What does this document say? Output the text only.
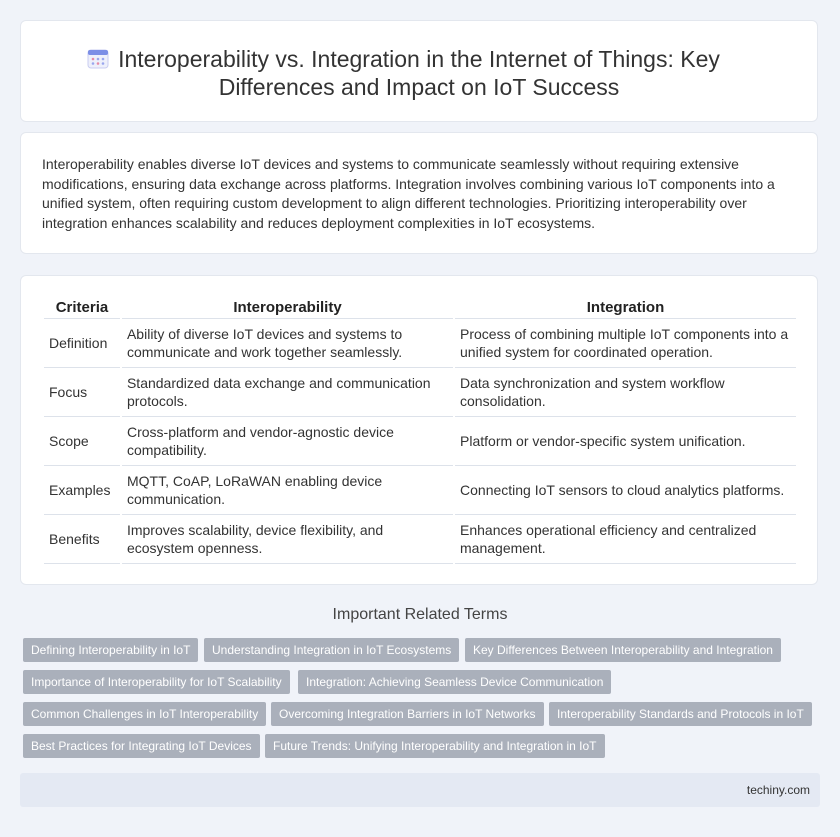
Interoperability vs. Integration in the Internet of Things: Key Differences and Impact on IoT Success

Interoperability enables diverse IoT devices and systems to communicate seamlessly without requiring extensive modifications, ensuring data exchange across platforms. Integration involves combining various IoT components into a unified system, often requiring custom development to align different technologies. Prioritizing interoperability over integration enhances scalability and reduces deployment complexities in IoT ecosystems.

Criteria	Interoperability	Integration
Definition	Ability of diverse IoT devices and systems to communicate and work together seamlessly.	Process of combining multiple IoT components into a unified system for coordinated operation.
Focus	Standardized data exchange and communication protocols.	Data synchronization and system workflow consolidation.
Scope	Cross-platform and vendor-agnostic device compatibility.	Platform or vendor-specific system unification.
Examples	MQTT, CoAP, LoRaWAN enabling device communication.	Connecting IoT sensors to cloud analytics platforms.
Benefits	Improves scalability, device flexibility, and ecosystem openness.	Enhances operational efficiency and centralized management.
Important Related Terms
Defining Interoperability in IoT	Understanding Integration in IoT Ecosystems	Key Differences Between Interoperability and Integration
Importance of Interoperability for IoT Scalability	Integration: Achieving Seamless Device Communication
Common Challenges in IoT Interoperability	Overcoming Integration Barriers in IoT Networks	Interoperability Standards and Protocols in IoT
Best Practices for Integrating IoT Devices	Future Trends: Unifying Interoperability and Integration in IoT
techiny.com
